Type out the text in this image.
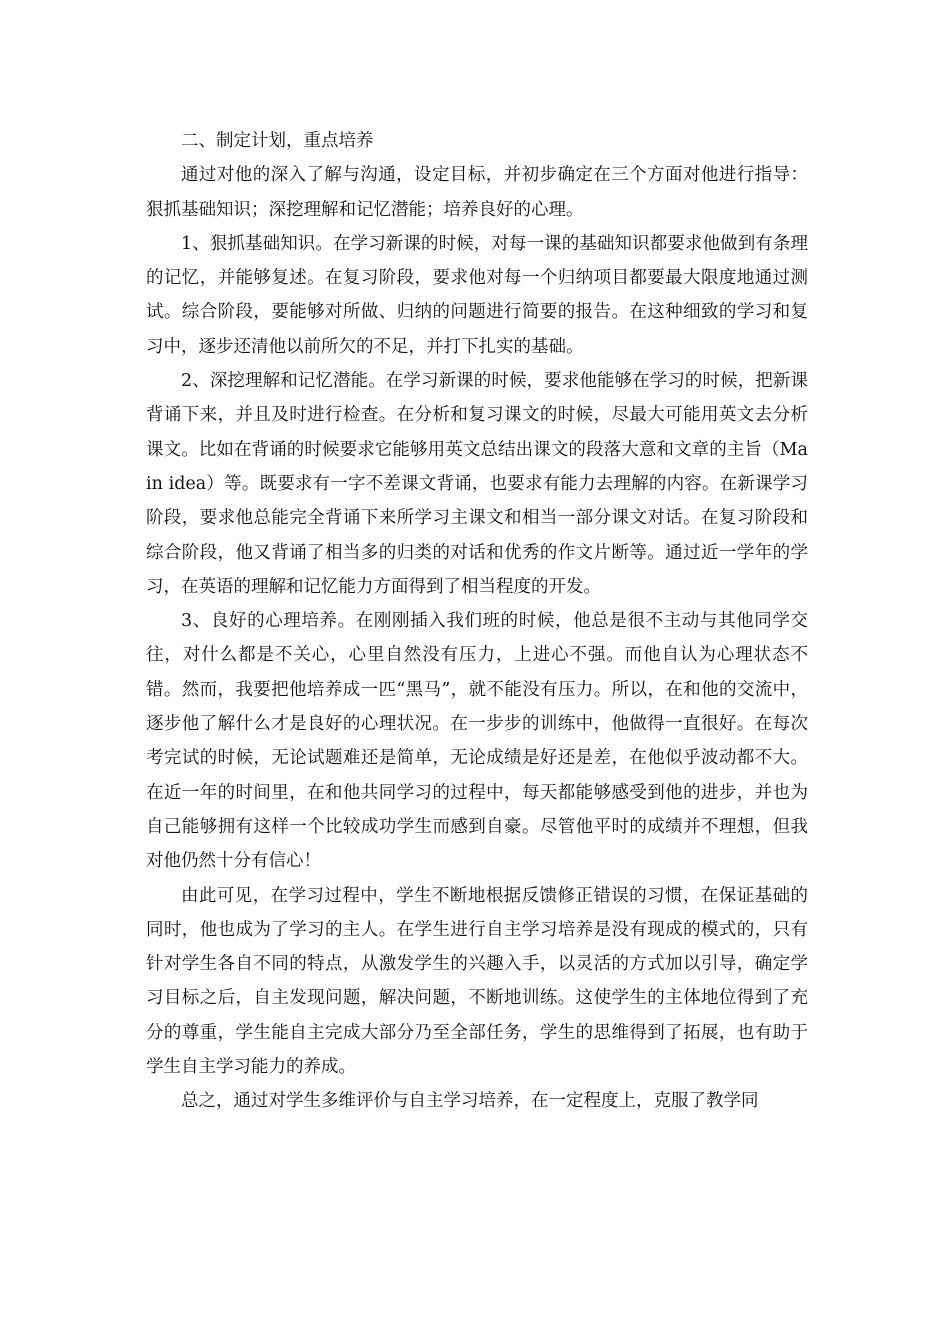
二、制定计划，重点培养

通过对他的深入了解与沟通，设定目标，并初步确定在三个方面对他进行指导：狠抓基础知识；深挖理解和记忆潜能；培养良好的心理。

1、狠抓基础知识。在学习新课的时候，对每一课的基础知识都要求他做到有条理的记忆，并能够复述。在复习阶段，要求他对每一个归纳项目都要最大限度地通过测试。综合阶段，要能够对所做、归纳的问题进行简要的报告。在这种细致的学习和复习中，逐步还清他以前所欠的不足，并打下扎实的基础。

2、深挖理解和记忆潜能。在学习新课的时候，要求他能够在学习的时候，把新课背诵下来，并且及时进行检查。在分析和复习课文的时候，尽最大可能用英文去分析课文。比如在背诵的时候要求它能够用英文总结出课文的段落大意和文章的主旨（Main idea）等。既要求有一字不差课文背诵，也要求有能力去理解的内容。在新课学习阶段，要求他总能完全背诵下来所学习主课文和相当一部分课文对话。在复习阶段和综合阶段，他又背诵了相当多的归类的对话和优秀的作文片断等。通过近一学年的学习，在英语的理解和记忆能力方面得到了相当程度的开发。

3、良好的心理培养。在刚刚插入我们班的时候，他总是很不主动与其他同学交往，对什么都是不关心，心里自然没有压力，上进心不强。而他自认为心理状态不错。然而，我要把他培养成一匹“黑马”，就不能没有压力。所以，在和他的交流中，逐步他了解什么才是良好的心理状况。在一步步的训练中，他做得一直很好。在每次考完试的时候，无论试题难还是简单，无论成绩是好还是差，在他似乎波动都不大。在近一年的时间里，在和他共同学习的过程中，每天都能够感受到他的进步，并也为自己能够拥有这样一个比较成功学生而感到自豪。尽管他平时的成绩并不理想，但我对他仍然十分有信心！

由此可见，在学习过程中，学生不断地根据反馈修正错误的习惯，在保证基础的同时，他也成为了学习的主人。在学生进行自主学习培养是没有现成的模式的，只有针对学生各自不同的特点，从激发学生的兴趣入手，以灵活的方式加以引导，确定学习目标之后，自主发现问题，解决问题，不断地训练。这使学生的主体地位得到了充分的尊重，学生能自主完成大部分乃至全部任务，学生的思维得到了拓展，也有助于学生自主学习能力的养成。

总之，通过对学生多维评价与自主学习培养，在一定程度上，克服了教学同
